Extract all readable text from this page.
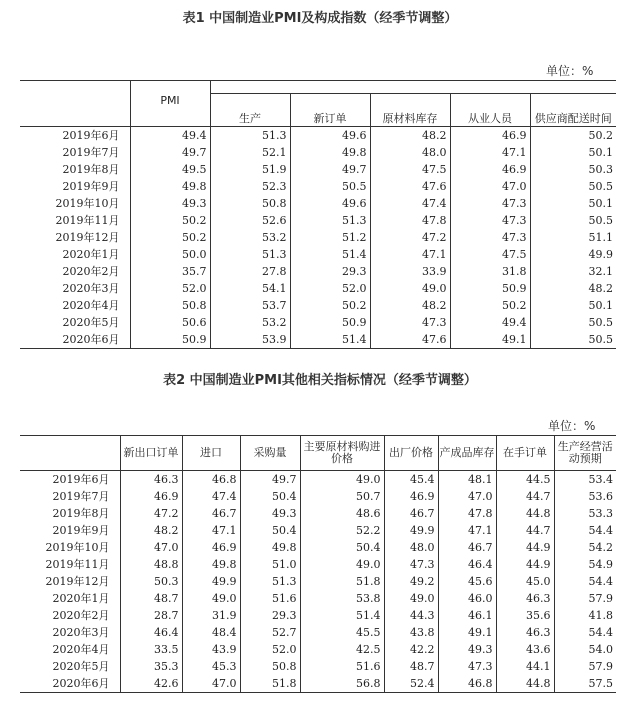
表1 中国制造业PMI及构成指数（经季节调整）
单位：%
	PMI					
		生产	新订单	原材料库存	从业人员	供应商配送时间
2019年6月	49.4	51.3	49.6	48.2	46.9	50.2
2019年7月	49.7	52.1	49.8	48.0	47.1	50.1
2019年8月	49.5	51.9	49.7	47.5	46.9	50.3
2019年9月	49.8	52.3	50.5	47.6	47.0	50.5
2019年10月	49.3	50.8	49.6	47.4	47.3	50.1
2019年11月	50.2	52.6	51.3	47.8	47.3	50.5
2019年12月	50.2	53.2	51.2	47.2	47.3	51.1
2020年1月	50.0	51.3	51.4	47.1	47.5	49.9
2020年2月	35.7	27.8	29.3	33.9	31.8	32.1
2020年3月	52.0	54.1	52.0	49.0	50.9	48.2
2020年4月	50.8	53.7	50.2	48.2	50.2	50.1
2020年5月	50.6	53.2	50.9	47.3	49.4	50.5
2020年6月	50.9	53.9	51.4	47.6	49.1	50.5
表2 中国制造业PMI其他相关指标情况（经季节调整）
单位：%
	新出口订单	进口	采购量	主要原材料购进价格	出厂价格	产成品库存	在手订单	生产经营活动预期
2019年6月	46.3	46.8	49.7	49.0	45.4	48.1	44.5	53.4
2019年7月	46.9	47.4	50.4	50.7	46.9	47.0	44.7	53.6
2019年8月	47.2	46.7	49.3	48.6	46.7	47.8	44.8	53.3
2019年9月	48.2	47.1	50.4	52.2	49.9	47.1	44.7	54.4
2019年10月	47.0	46.9	49.8	50.4	48.0	46.7	44.9	54.2
2019年11月	48.8	49.8	51.0	49.0	47.3	46.4	44.9	54.9
2019年12月	50.3	49.9	51.3	51.8	49.2	45.6	45.0	54.4
2020年1月	48.7	49.0	51.6	53.8	49.0	46.0	46.3	57.9
2020年2月	28.7	31.9	29.3	51.4	44.3	46.1	35.6	41.8
2020年3月	46.4	48.4	52.7	45.5	43.8	49.1	46.3	54.4
2020年4月	33.5	43.9	52.0	42.5	42.2	49.3	43.6	54.0
2020年5月	35.3	45.3	50.8	51.6	48.7	47.3	44.1	57.9
2020年6月	42.6	47.0	51.8	56.8	52.4	46.8	44.8	57.5
